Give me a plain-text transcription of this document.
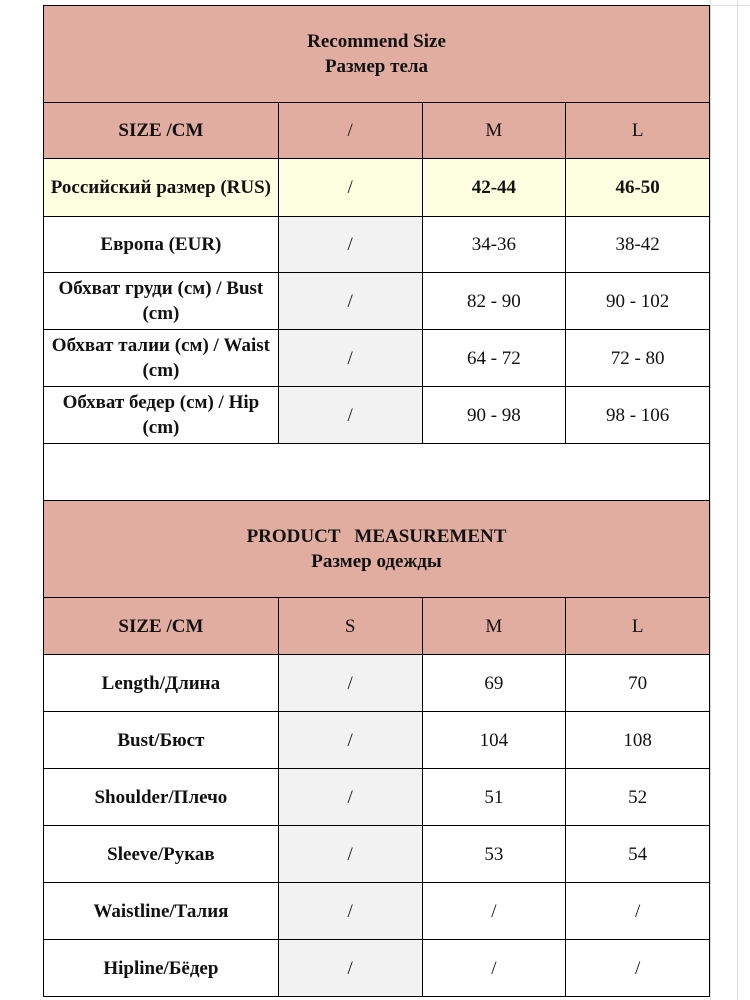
Recommend Size
Размер тела			

SIZE /CM	/	M	L
Российский размер (RUS)	/	42-44	46-50
Европа (EUR)	/	34-36	38-42
Обхват груди (см) / Bust (cm)	/	82 - 90	90 - 102
Обхват талии (см) / Waist (cm)	/	64 - 72	72 - 80
Обхват бедер (см) / Hip (cm)	/	90 - 98	98 - 106

PRODUCT   MEASUREMENT
Размер одежды			

SIZE /CM	S	M	L
Length/Длина	/	69	70
Bust/Бюст	/	104	108
Shoulder/Плечо	/	51	52
Sleeve/Рукав	/	53	54
Waistline/Талия	/	/	/
Hipline/Бёдер	/	/	/
